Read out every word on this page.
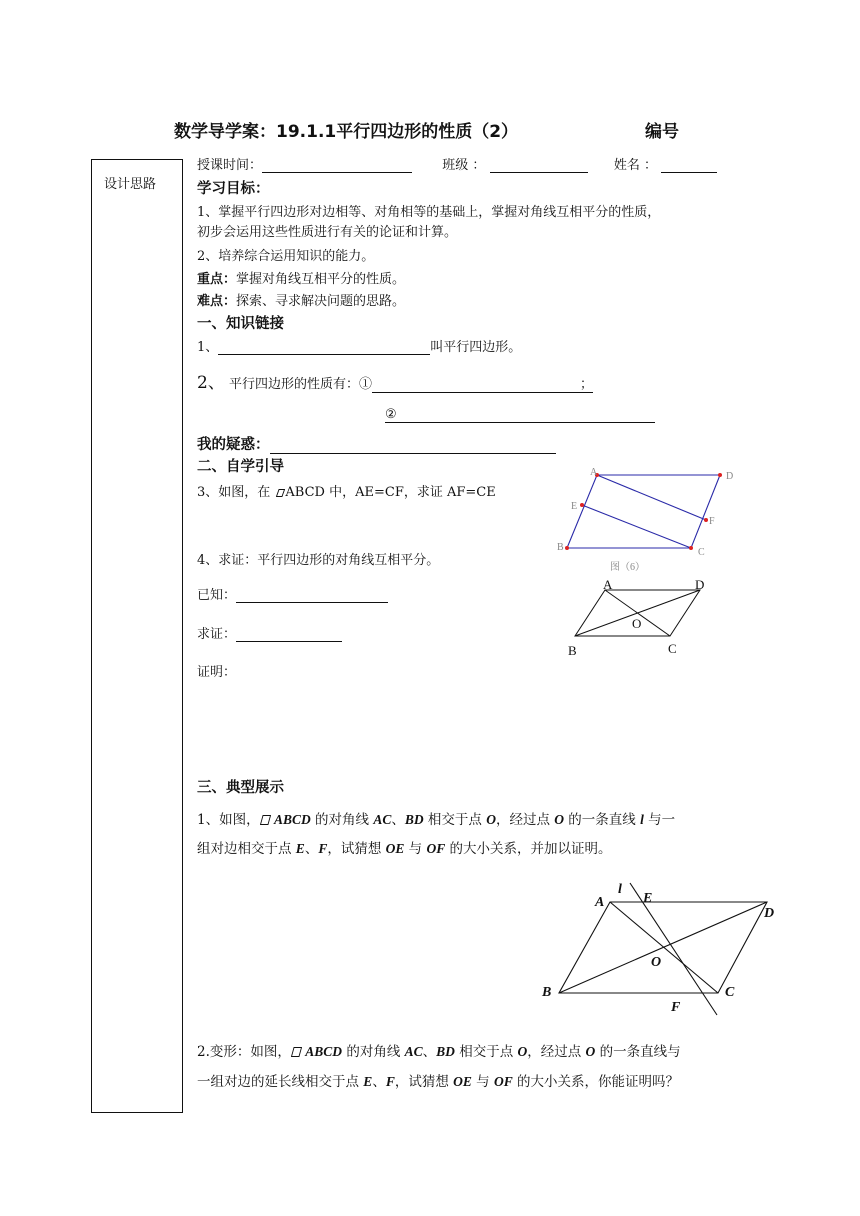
数学导学案：19.1.1平行四边形的性质（2）	编号
设计思路
授课时间：	班级 ：	姓名 ：
学习目标：
1、掌握平行四边形对边相等、对角相等的基础上，掌握对角线互相平分的性质，
初步会运用这些性质进行有关的论证和计算。
2、培养综合运用知识的能力。
重点：掌握对角线互相平分的性质。
难点：探索、寻求解决问题的思路。
一、知识链接
1、	叫平行四边形。
2、 平行四边形的性质有：①	；
②
我的疑惑：
二、自学引导
3、如图，在 ABCD 中，AE=CF，求证 AF=CE
4、求证：平行四边形的对角线互相平分。
已知：
求证：
证明：
A	D
E
F
B	C
图（6）
A	D
O
B	C
三、典型展示
1、如图， ABCD 的对角线 AC、BD 相交于点 O，经过点 O 的一条直线 l 与一
组对边相交于点 E、F，试猜想 OE 与 OF 的大小关系，并加以证明。
l
A	E
D
O
B	C
F
2.变形：如图， ABCD 的对角线 AC、BD 相交于点 O，经过点 O 的一条直线与
一组对边的延长线相交于点 E、F，试猜想 OE 与 OF 的大小关系，你能证明吗？
